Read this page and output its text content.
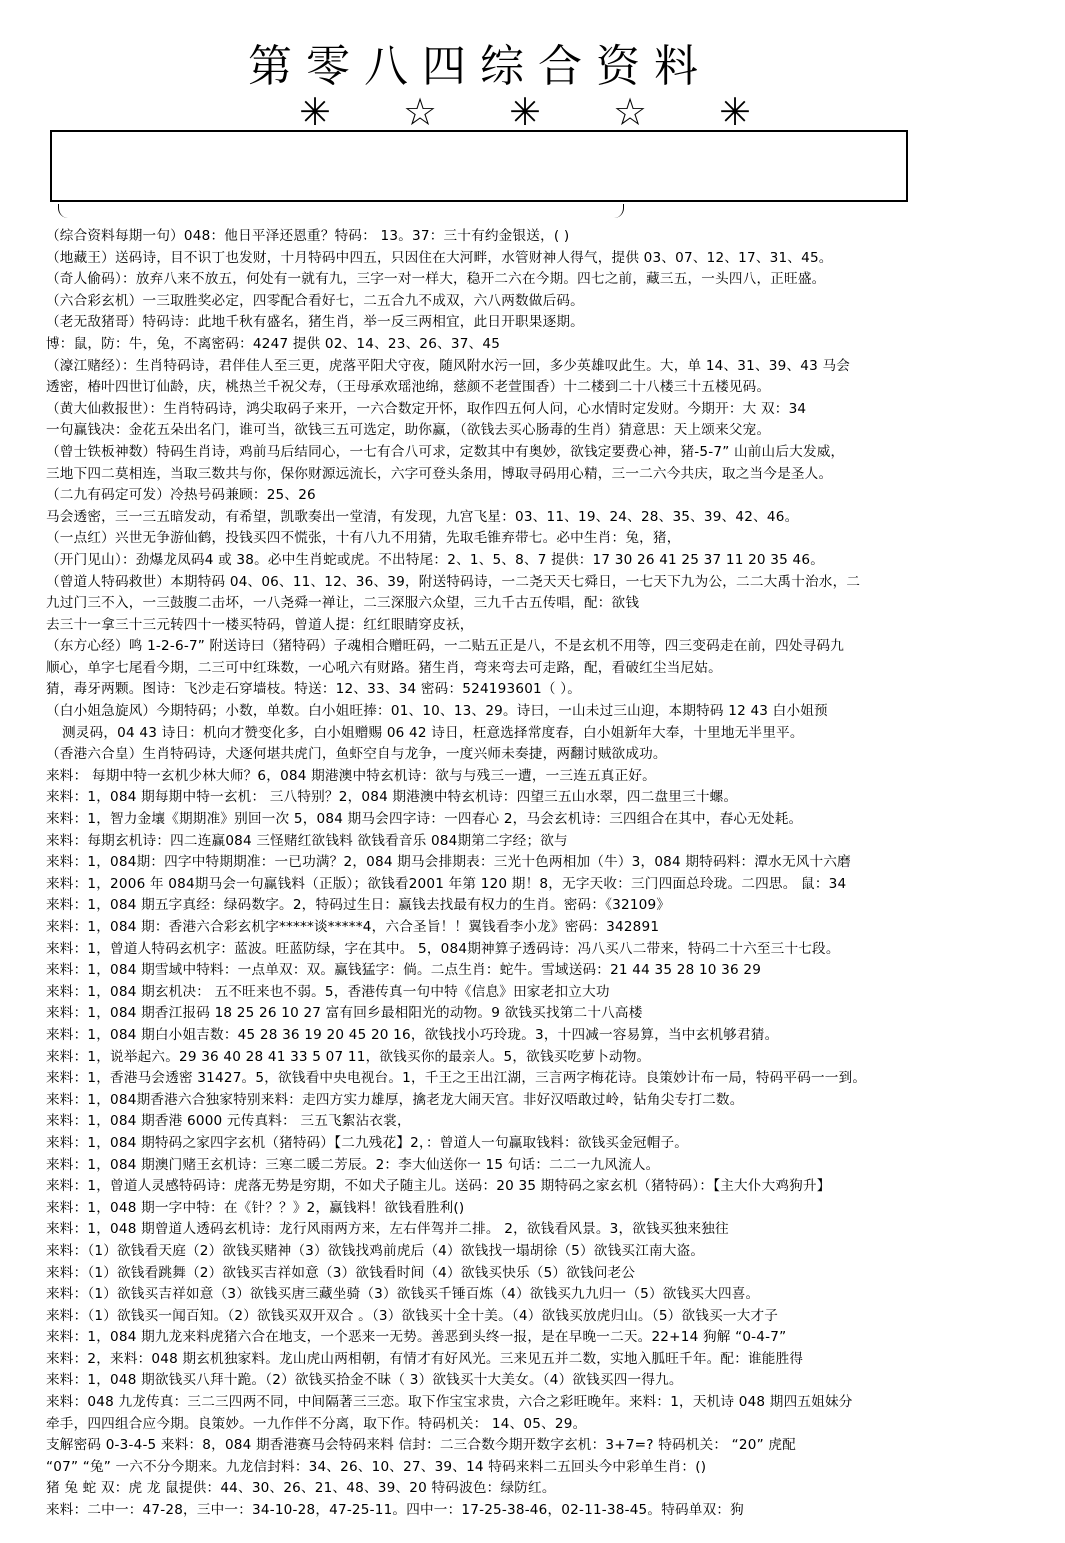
第零八四综合资料
✳ ☆ ✳ ☆ ✳
（综合资料每期一句）048：他日平泽还恩重？特码： 13。37：三十有约金银送，( )
（地藏王）送码诗，目不识丁也发财，十月特码中四五，只因住在大河畔，水管财神人得气，提供 03、07、12、17、31、45。
（奇人偷码）：放弃八来不放五，何处有一就有九，三字一对一样大，稳开二六在今期。四七之前，藏三五，一头四八，正旺盛。
（六合彩玄机）一三取胜奖必定，四零配合看好七，二五合九不成双，六八两数做后码。
（老无敌猪哥）特码诗：此地千秋有盛名，猪生肖，举一反三两相宜，此日开职果逐期。
博：鼠，防：牛，兔，不离密码：4247 提供 02、14、23、26、37、45
（濠江赌经）：生肖特码诗，君伴佳人至三更，虎落平阳犬守夜，随风附水污一回，多少英雄叹此生。大，单 14、31、39、43 马会
透密，椿叶四世订仙龄，庆，桃热兰千祝父寿，（王母承欢瑶池绵，慈颜不老萱围香）十二楼到二十八楼三十五楼见码。
（黄大仙救报世）：生肖特码诗，鸿尖取码子来开，一六合数定开怀，取作四五何人问，心水情时定发财。今期开：大 双：34
一句赢钱决：金花五朵出名门，谁可当，欲钱三五可选定，助你赢，（欲钱去买心肠毒的生肖）猜意思：天上颂来父宠。
（曾士铁板神数）特码生肖诗，鸡前马后结同心，一七有合八可求，定数其中有奥妙，欲钱定要费心神，猪-5-7” 山前山后大发威，
三地下四二莫相连，当取三数共与你，保你财源远流长，六字可登头条用，博取寻码用心精，三一二六今共庆，取之当今是圣人。
（二九有码定可发）冷热号码兼顾：25、26
马会透密，三一三五暗发动，有希望，凯歌奏出一堂清，有发现，九宫飞星：03、11、19、24、28、35、39、42、46。
（一点红）兴世无争游仙鹤，投钱买四不慌张，十有八九不用猜，先取毛锥弃带七。必中生肖：兔，猪，
（开门见山）：劲爆龙凤码4 或 38。必中生肖蛇或虎。不出特尾：2、1、5、8、7 提供：17 30 26 41 25 37 11 20 35 46。
（曾道人特码救世）本期特码 04、06、11、12、36、39，附送特码诗，一二尧天天七舜日，一七天下九为公，二二大禹十治水，二
九过门三不入，一三鼓腹二击坏，一八尧舜一禅让，二三深服六众望，三九千古五传唱，配：欲钱
去三十一拿三十三元转四十一楼买特码，曾道人提：红红眼睛穿皮袄，
（东方心经）鸣 1-2-6-7” 附送诗曰（猪特码）子魂相合赠旺码，一二贴五正是八，不是玄机不用等，四三变码走在前，四处寻码九
顺心，单字七尾看今期，二三可中红珠数，一心吼六有财路。猪生肖，弯来弯去可走路，配，看破红尘当尼姑。
猜，毒牙两颗。图诗：飞沙走石穿墙枝。特送：12、33、34 密码：524193601（ ）。
（白小姐急旋风）今期特码；小数，单数。白小姐旺捧：01、10、13、29。诗曰，一山未过三山迎，本期特码 12 43 白小姐预
测灵码，04 43 诗日：机向才赞变化多，白小姐赠赐 06 42 诗日，枉意选择常度春，白小姐新年大奉，十里地无半里平。
（香港六合皇）生肖特码诗，犬逐何堪共虎门，鱼虾空自与龙争，一度兴师未奏捷，两翻讨贼欲成功。
来料： 每期中特一玄机少林大师？6，084 期港澳中特玄机诗：欲与与残三一遭，一三连五真正好。
来料：1，084 期每期中特一玄机： 三八特别？2，084 期港澳中特玄机诗：四望三五山水翠，四二盘里三十螺。
来料：1，智力金壤《期期准》别回一次 5，084 期马会四字诗：一四春心 2，马会玄机诗：三四组合在其中，春心无处耗。
来料：每期玄机诗：四二连赢084 三怪赌红欲钱料 欲钱看音乐 084期第二字经；欲与
来料：1，084期：四字中特期期准：一已功满？2，084 期马会排期表：三光十色两相加（牛）3，084 期特码料：潭水无风十六磨
来料：1，2006 年 084期马会一句赢钱料（正版）；欲钱看2001 年第 120 期！8，无字天收：三门四面总玲珑。二四思。 鼠：34
来料：1，084 期五字真经：绿码数字。2，特码过生日：赢钱去找最有权力的生肖。密码：《32109》
来料：1，084 期：香港六合彩玄机字*****谈*****4，六合圣旨！！翼钱看李小龙》密码：342891
来料：1，曾道人特码玄机字：蓝波。旺蓝防绿，字在其中。 5，084期神算子透码诗：冯八买八二带来，特码二十六至三十七段。
来料：1，084 期雪域中特料：一点单双：双。赢钱猛字：倘。二点生肖：蛇牛。雪域送码：21 44 35 28 10 36 29
来料：1，084 期玄机决： 五不旺来也不弱。5，香港传真一句中特《信息》田家老扣立大功
来料：1，084 期香江报码 18 25 26 10 27 富有回乡最相阳光的动物。9 欲钱买找第二十八高楼
来料：1，084 期白小姐吉数：45 28 36 19 20 45 20 16，欲钱找小巧玲珑。3，十四减一容易算，当中玄机够君猜。
来料：1，说举起六。29 36 40 28 41 33 5 07 11，欲钱买你的最亲人。5，欲钱买吃萝卜动物。
来料：1，香港马会透密 31427。5，欲钱看中央电视台。1，千王之王出江湖，三言两字梅花诗。良策妙计布一局，特码平码一一到。
来料：1，084期香港六合独家特别来料：走四方实力雄厚，擒老龙大闹天宫。非好汉唔敢过岭，钻角尖专打二数。
来料：1，084 期香港 6000 元传真料： 三五飞絮沾衣裳，
来料：1，084 期特码之家四字玄机（猪特码）【二九残花】2，：曾道人一句赢取钱料：欲钱买金冠帽子。
来料：1，084 期澳门赌王玄机诗：三寒二暖二芳辰。2：李大仙送你一 15 句话：二二一九风流人。
来料：1，曾道人灵感特码诗：虎落无势是穷期，不如犬子随主儿。送码：20 35 期特码之家玄机（猪特码）：【主大仆大鸡狗升】
来料：1，048 期一字中特：在《针？？》2，赢钱料！欲钱看胜利()
来料：1，048 期曾道人透码玄机诗：龙行风雨两方来，左右伴驾并二排。 2，欲钱看风景。3，欲钱买独来独往
来料：（1）欲钱看天庭（2）欲钱买赌神（3）欲钱找鸡前虎后（4）欲钱找一塌胡徐（5）欲钱买江南大盗。
来料：（1）欲钱看跳舞（2）欲钱买吉祥如意（3）欲钱看时间（4）欲钱买快乐（5）欲钱问老公
来料：（1）欲钱买吉祥如意（3）欲钱买唐三藏坐骑（3）欲钱买千锤百炼（4）欲钱买九九归一（5）欲钱买大四喜。
来料：（1）欲钱买一闻百知。（2）欲钱买双开双合 。（3）欲钱买十全十美。（4）欲钱买放虎归山。（5）欲钱买一大才子
来料：1，084 期九龙来料虎猪六合在地支，一个恶来一无势。善恶到头终一报，是在早晚一二天。22+14 狗解 “0-4-7”
来料：2，来料：048 期玄机独家料。龙山虎山两相朝，有情才有好风光。三来见五并二数，实地入胍旺千年。配：谁能胜得
来料：1，048 期欲钱买八拜十跪。（2）欲钱买拾金不昧（ 3）欲钱买十大美女。（4）欲钱买四一得九。
来料：048 九龙传真：三二三四两不同，中间隔著三三恋。取下作宝宝求贵，六合之彩旺晚年。来料：1，天机诗 048 期四五姐妹分
牵手，四四组合应今期。良策妙。一九作伴不分离，取下作。特码机关： 14、05、29。
支解密码 0-3-4-5 来料：8，084 期香港赛马会特码来料 信封：二三合数今期开数字玄机：3+7=? 特码机关： “20” 虎配
“07” “兔” 一六不分今期来。九龙信封料：34、26、10、27、39、14 特码来料二五回头今中彩单生肖：()
猪 兔 蛇 双：虎 龙 鼠提供：44、30、26、21、48、39、20 特码波色：绿防红。
来料：二中一：47-28，三中一：34-10-28，47-25-11。四中一：17-25-38-46，02-11-38-45。特码单双：狗
